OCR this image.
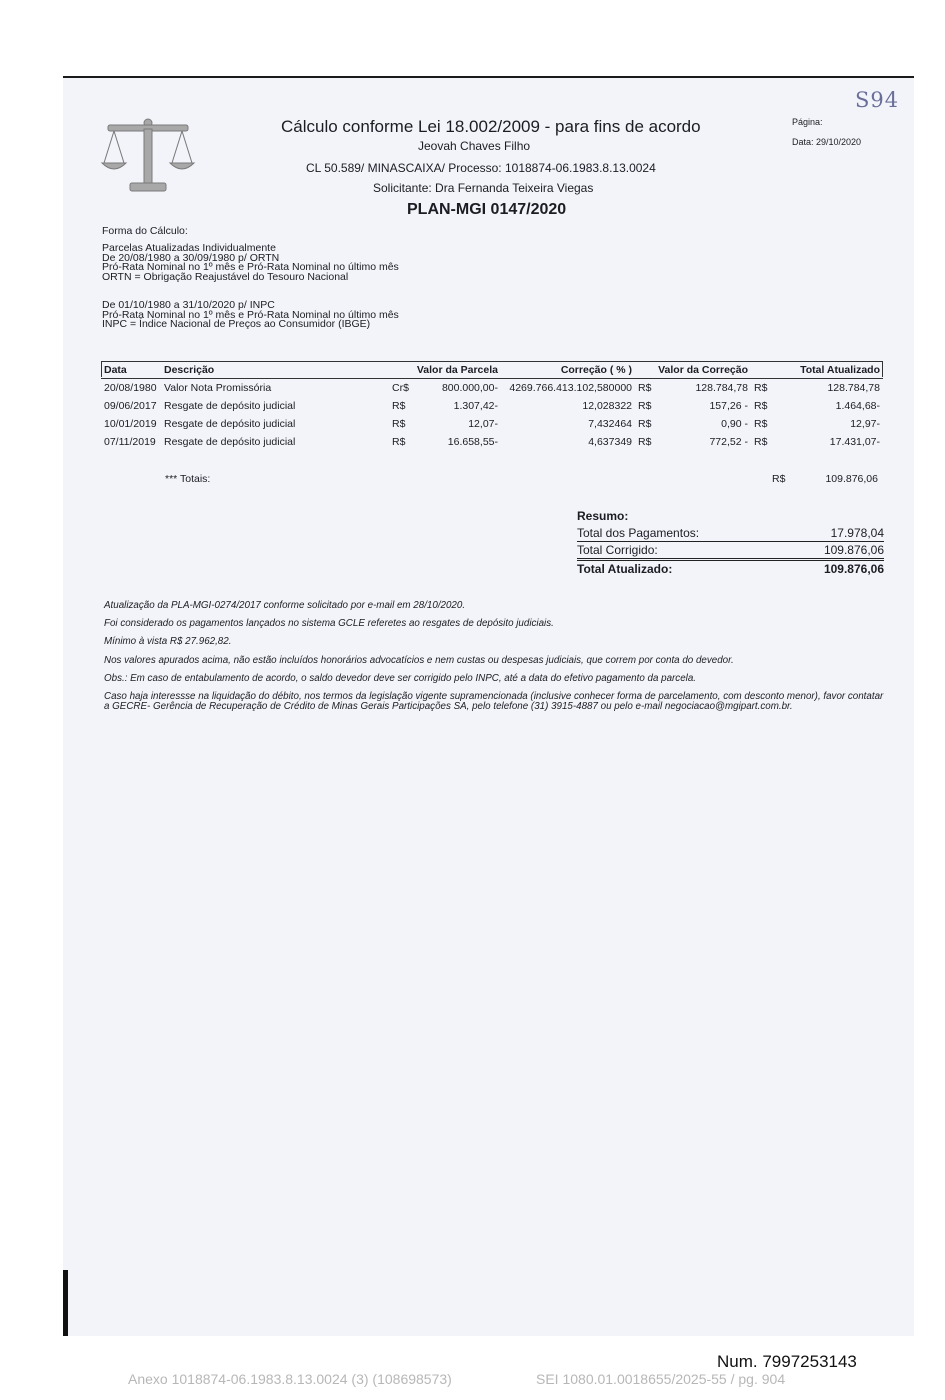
S94
Cálculo conforme Lei 18.002/2009 - para fins de acordo
Jeovah Chaves Filho
CL 50.589/ MINASCAIXA/ Processo: 1018874-06.1983.8.13.0024
Solicitante: Dra Fernanda Teixeira Viegas
PLAN-MGI 0147/2020
Página:
Data: 29/10/2020
Forma do Cálculo:
Parcelas Atualizadas Individualmente
De 20/08/1980 a 30/09/1980 p/ ORTN
Pró-Rata Nominal no 1º mês e Pró-Rata Nominal no último mês
ORTN = Obrigação Reajustável do Tesouro Nacional
De 01/10/1980 a 31/10/2020 p/ INPC
Pró-Rata Nominal no 1º mês e Pró-Rata Nominal no último mês
INPC = Índice Nacional de Preços ao Consumidor (IBGE)
Data	Descrição	Valor da Parcela		Correção ( % )	Valor da Correção		Total Atualizado	
20/08/1980	Valor Nota Promissória	Cr$	800.000,00-	4269.766.413.102,580000	R$	128.784,78	R$	128.784,78
09/06/2017	Resgate de depósito judicial	R$	1.307,42-	12,028322	R$	157,26 -	R$	1.464,68-
10/01/2019	Resgate de depósito judicial	R$	12,07-	7,432464	R$	0,90 -	R$	12,97-
07/11/2019	Resgate de depósito judicial	R$	16.658,55-	4,637349	R$	772,52 -	R$	17.431,07-
*** Totais:	R$	109.876,06
Resumo:
Total dos Pagamentos:	17.978,04
Total Corrigido:	109.876,06
Total Atualizado:	109.876,06

Atualização da PLA-MGI-0274/2017 conforme solicitado por e-mail em 28/10/2020.

Foi considerado os pagamentos lançados no sistema GCLE referetes ao resgates de depósito judiciais.

Mínimo à vista R$ 27.962,82.

Nos valores apurados acima, não estão incluídos honorários advocatícios e nem custas ou despesas judiciais, que correm por conta do devedor.

Obs.: Em caso de entabulamento de acordo, o saldo devedor deve ser corrigido pelo INPC, até a data do efetivo pagamento da parcela.

Caso haja interessse na liquidação do débito, nos termos da legislação vigente supramencionada (inclusive conhecer forma de parcelamento, com desconto menor), favor contatar a GECRE- Gerência de Recuperação de Crédito de Minas Gerais Participações SA, pelo telefone (31) 3915-4887 ou pelo e-mail negociacao@mgipart.com.br.

Num. 7997253143
Anexo 1018874-06.1983.8.13.0024 (3) (108698573)	SEI 1080.01.0018655/2025-55 / pg. 904
